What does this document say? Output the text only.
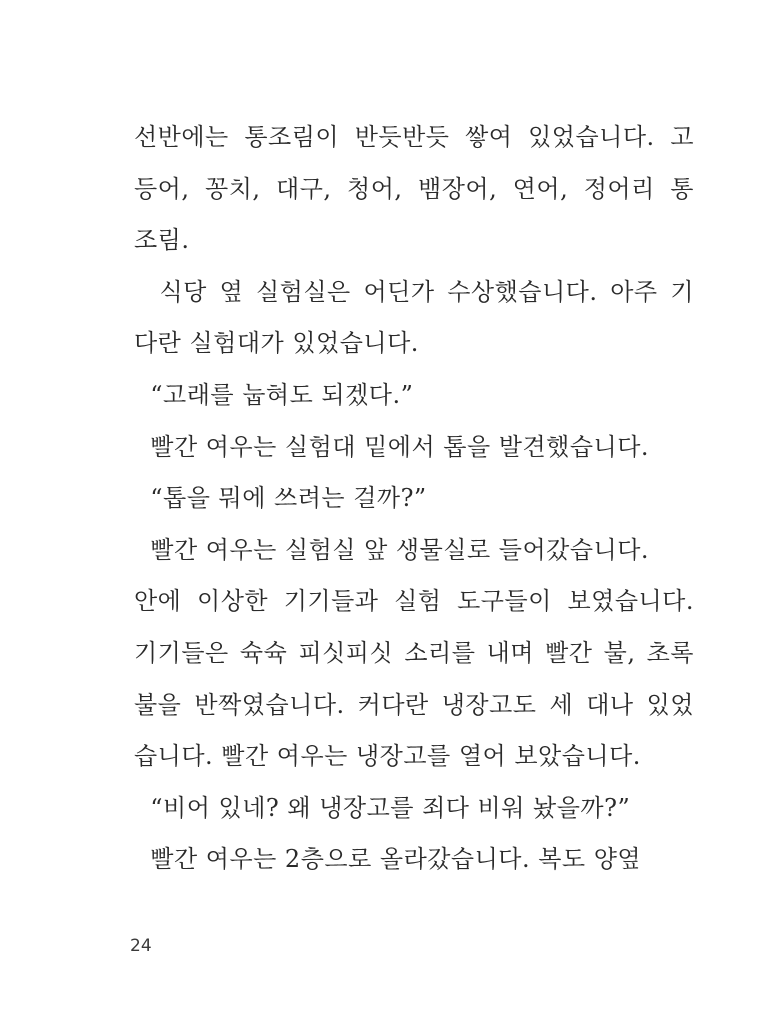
선반에는 통조림이 반듯반듯 쌓여 있었습니다. 고
등어, 꽁치, 대구, 청어, 뱀장어, 연어, 정어리 통
조림.
식당 옆 실험실은 어딘가 수상했습니다. 아주 기
다란 실험대가 있었습니다.
“고래를 눕혀도 되겠다.”
빨간 여우는 실험대 밑에서 톱을 발견했습니다.
“톱을 뭐에 쓰려는 걸까?”
빨간 여우는 실험실 앞 생물실로 들어갔습니다.
안에 이상한 기기들과 실험 도구들이 보였습니다.
기기들은 슉슉 피싯피싯 소리를 내며 빨간 불, 초록
불을 반짝였습니다. 커다란 냉장고도 세 대나 있었
습니다. 빨간 여우는 냉장고를 열어 보았습니다.
“비어 있네? 왜 냉장고를 죄다 비워 놨을까?”
빨간 여우는 2층으로 올라갔습니다. 복도 양옆
24
